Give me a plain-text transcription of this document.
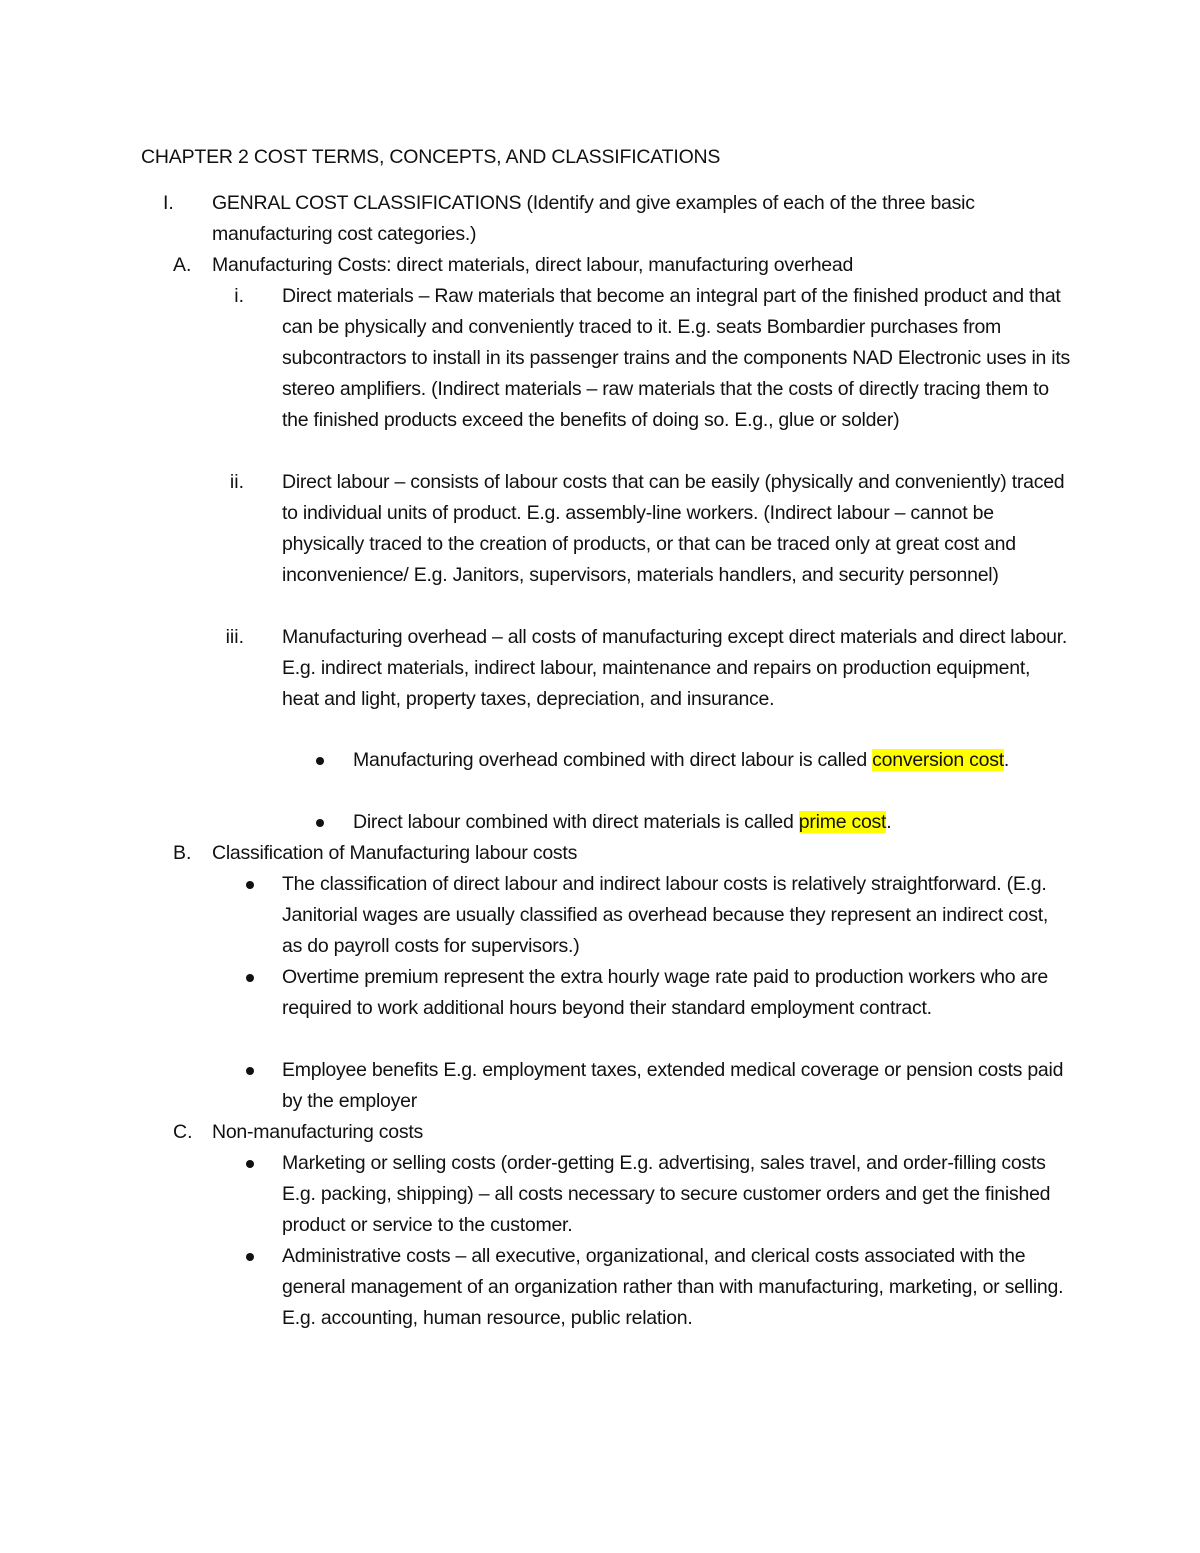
CHAPTER 2 COST TERMS, CONCEPTS, AND CLASSIFICATIONS
I. GENRAL COST CLASSIFICATIONS (Identify and give examples of each of the three basic manufacturing cost categories.)
A. Manufacturing Costs: direct materials, direct labour, manufacturing overhead
i. Direct materials – Raw materials that become an integral part of the finished product and that can be physically and conveniently traced to it. E.g. seats Bombardier purchases from subcontractors to install in its passenger trains and the components NAD Electronic uses in its stereo amplifiers. (Indirect materials – raw materials that the costs of directly tracing them to the finished products exceed the benefits of doing so. E.g., glue or solder)
ii. Direct labour – consists of labour costs that can be easily (physically and conveniently) traced to individual units of product. E.g. assembly-line workers. (Indirect labour – cannot be physically traced to the creation of products, or that can be traced only at great cost and inconvenience/ E.g. Janitors, supervisors, materials handlers, and security personnel)
iii. Manufacturing overhead – all costs of manufacturing except direct materials and direct labour. E.g. indirect materials, indirect labour, maintenance and repairs on production equipment, heat and light, property taxes, depreciation, and insurance.
Manufacturing overhead combined with direct labour is called conversion cost.
Direct labour combined with direct materials is called prime cost.
B. Classification of Manufacturing labour costs
The classification of direct labour and indirect labour costs is relatively straightforward. (E.g. Janitorial wages are usually classified as overhead because they represent an indirect cost, as do payroll costs for supervisors.)
Overtime premium represent the extra hourly wage rate paid to production workers who are required to work additional hours beyond their standard employment contract.
Employee benefits E.g. employment taxes, extended medical coverage or pension costs paid by the employer
C. Non-manufacturing costs
Marketing or selling costs (order-getting E.g. advertising, sales travel, and order-filling costs E.g. packing, shipping) – all costs necessary to secure customer orders and get the finished product or service to the customer.
Administrative costs – all executive, organizational, and clerical costs associated with the general management of an organization rather than with manufacturing, marketing, or selling. E.g. accounting, human resource, public relation.
